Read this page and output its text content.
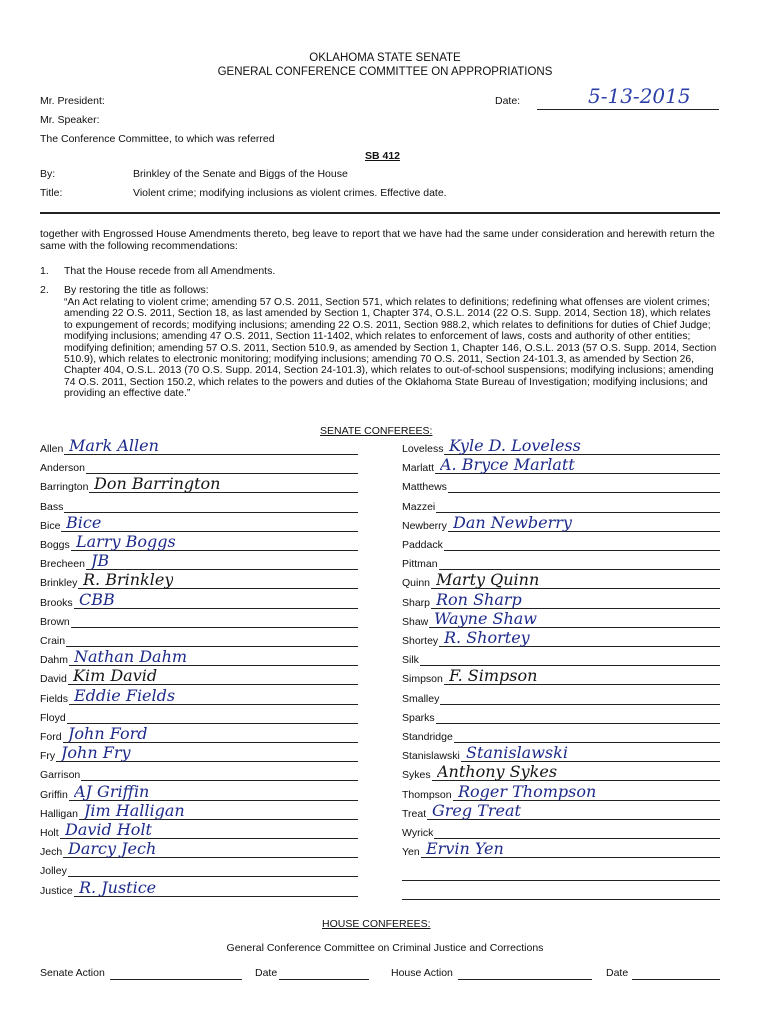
OKLAHOMA STATE SENATE
GENERAL CONFERENCE COMMITTEE ON APPROPRIATIONS
Mr. President:	Date:	5-13-2015
Mr. Speaker:
The Conference Committee, to which was referred
SB 412
By:	Brinkley of the Senate and Biggs of the House
Title:	Violent crime; modifying inclusions as violent crimes. Effective date.
together with Engrossed House Amendments thereto, beg leave to report that we have had the same under consideration and herewith return the same with the following recommendations:
1. That the House recede from all Amendments.
2. By restoring the title as follows:
“An Act relating to violent crime; amending 57 O.S. 2011, Section 571, which relates to definitions; redefining what offenses are violent crimes; amending 22 O.S. 2011, Section 18, as last amended by Section 1, Chapter 374, O.S.L. 2014 (22 O.S. Supp. 2014, Section 18), which relates to expungement of records; modifying inclusions; amending 22 O.S. 2011, Section 988.2, which relates to definitions for duties of Chief Judge; modifying inclusions; amending 47 O.S. 2011, Section 11-1402, which relates to enforcement of laws, costs and authority of other entities; modifying definition; amending 57 O.S. 2011, Section 510.9, as amended by Section 1, Chapter 146, O.S.L. 2013 (57 O.S. Supp. 2014, Section 510.9), which relates to electronic monitoring; modifying inclusions; amending 70 O.S. 2011, Section 24-101.3, as amended by Section 26, Chapter 404, O.S.L. 2013 (70 O.S. Supp. 2014, Section 24-101.3), which relates to out-of-school suspensions; modifying inclusions; amending 74 O.S. 2011, Section 150.2, which relates to the powers and duties of the Oklahoma State Bureau of Investigation; modifying inclusions; and providing an effective date.”
SENATE CONFEREES:
Allen Mark Allen
Anderson
Barrington Don Barrington
Bass
Bice Bice
Boggs Larry Boggs
Brecheen JB
Brinkley R. Brinkley
Brooks CBB
Brown
Crain
Dahm Nathan Dahm
David Kim David
Fields Eddie Fields
Floyd
Ford John Ford
Fry John Fry
Garrison
Griffin AJ Griffin
Halligan Jim Halligan
Holt David Holt
Jech Darcy Jech
Jolley
Justice R. Justice
Loveless Kyle D. Loveless
Marlatt A. Bryce Marlatt
Matthews
Mazzei
Newberry Dan Newberry
Paddack
Pittman
Quinn Marty Quinn
Sharp Ron Sharp
Shaw Wayne Shaw
Shortey R. Shortey
Silk
Simpson F. Simpson
Smalley
Sparks
Standridge
Stanislawski Stanislawski
Sykes Anthony Sykes
Thompson Roger Thompson
Treat Greg Treat
Wyrick
Yen Ervin Yen
HOUSE CONFEREES:
General Conference Committee on Criminal Justice and Corrections
Senate Action	Date	House Action	Date
